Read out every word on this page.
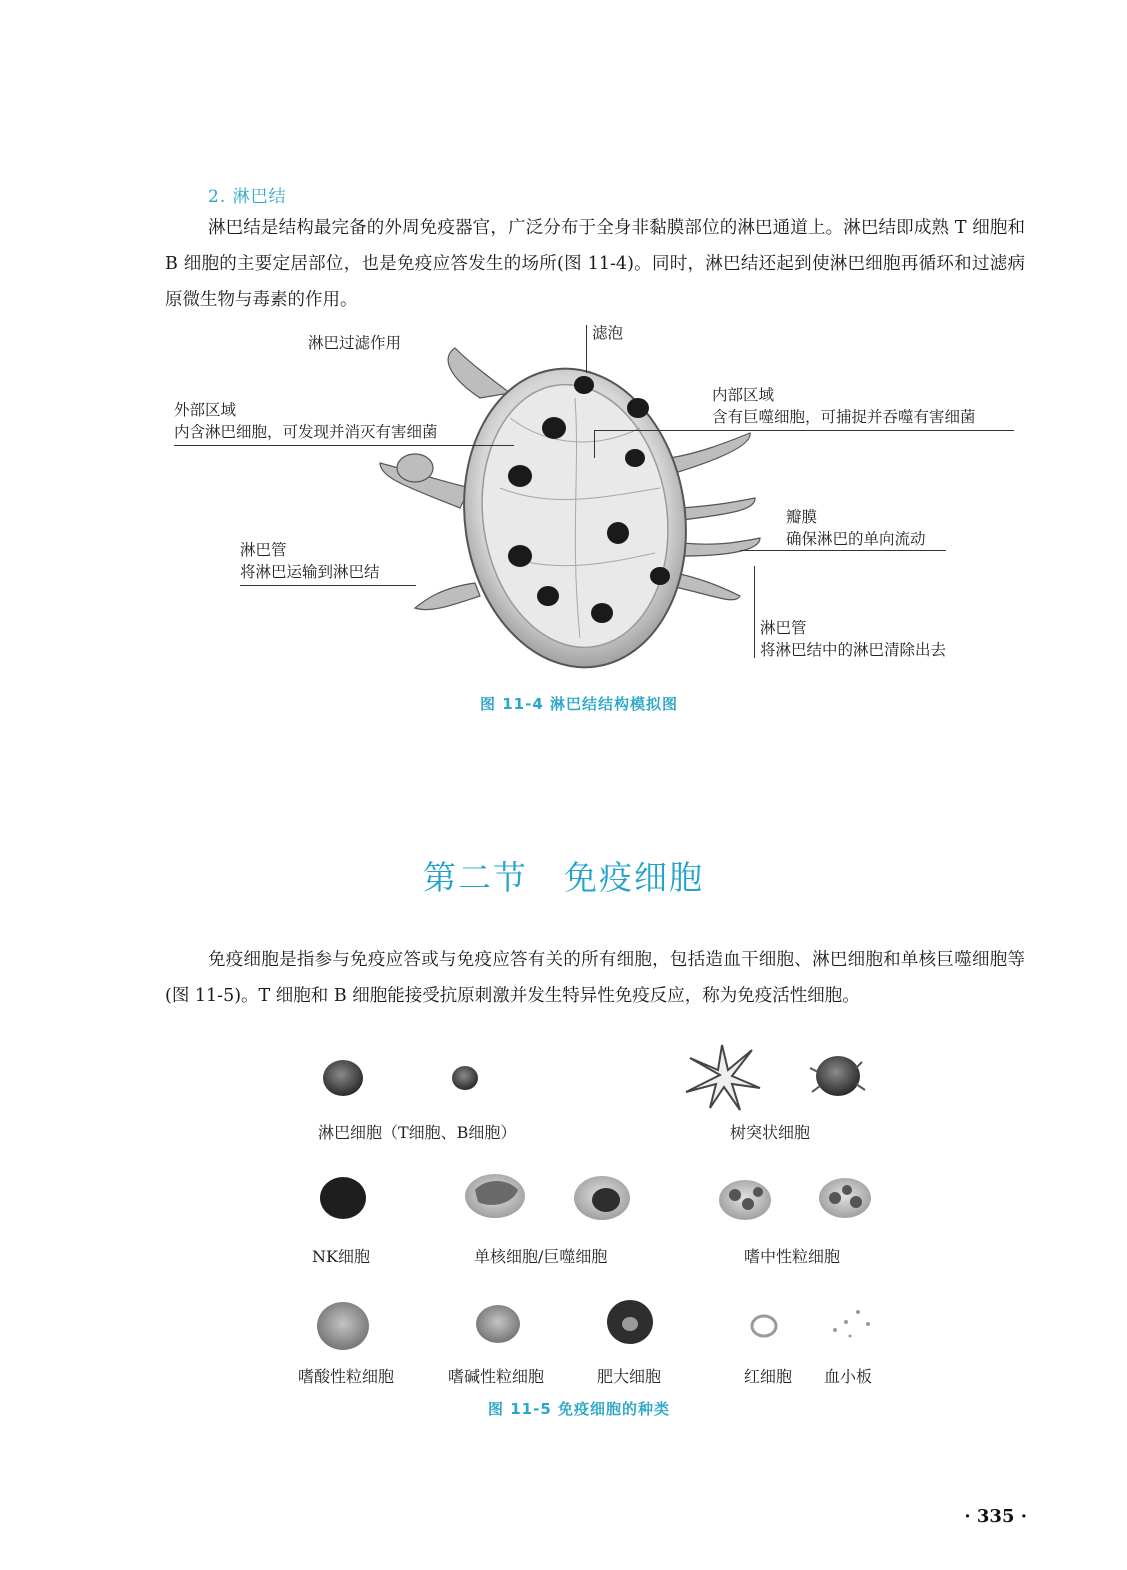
2. 淋巴结

淋巴结是结构最完备的外周免疫器官，广泛分布于全身非黏膜部位的淋巴通道上。淋巴结即成熟 T 细胞和 B 细胞的主要定居部位，也是免疫应答发生的场所(图 11-4)。同时，淋巴结还起到使淋巴细胞再循环和过滤病原微生物与毒素的作用。

淋巴过滤作用
滤泡
外部区域
内含淋巴细胞，可发现并消灭有害细菌
内部区域
含有巨噬细胞，可捕捉并吞噬有害细菌
瓣膜
确保淋巴的单向流动
淋巴管
将淋巴运输到淋巴结
淋巴管
将淋巴结中的淋巴清除出去
图 11-4 淋巴结结构模拟图
第二节 免疫细胞

免疫细胞是指参与免疫应答或与免疫应答有关的所有细胞，包括造血干细胞、淋巴细胞和单核巨噬细胞等(图 11-5)。T 细胞和 B 细胞能接受抗原刺激并发生特异性免疫反应，称为免疫活性细胞。

淋巴细胞（T细胞、B细胞）	树突状细胞
NK细胞	单核细胞/巨噬细胞	嗜中性粒细胞
嗜酸性粒细胞	嗜碱性粒细胞	肥大细胞	红细胞 血小板
图 11-5 免疫细胞的种类
· 335 ·
